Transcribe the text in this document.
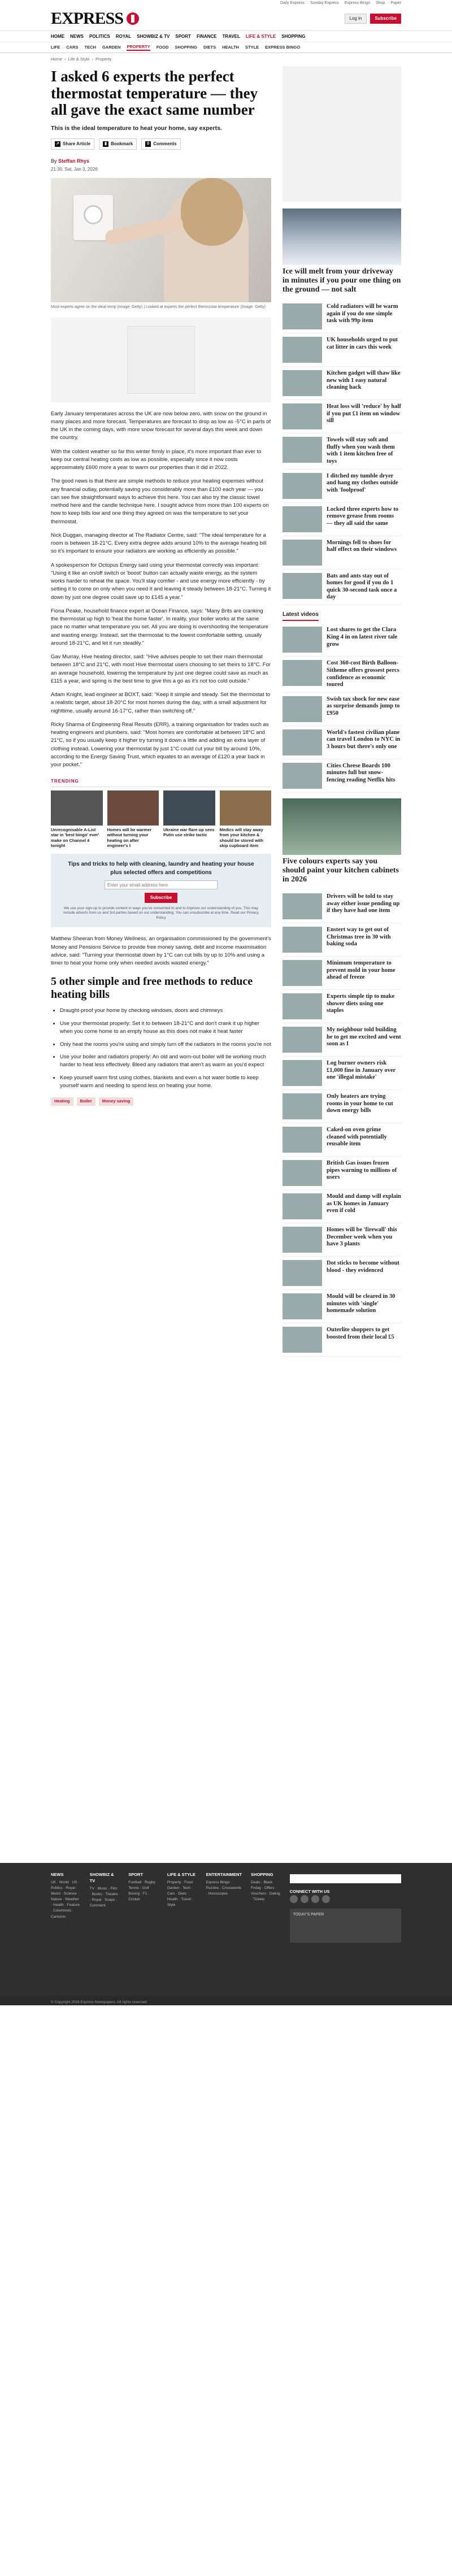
Daily Express Sunday Express Express Bingo Shop Paper
EXPRESS	Log in	Subscribe
HOME NEWS POLITICS ROYAL SHOWBIZ & TV SPORT FINANCE TRAVEL LIFE & STYLE SHOPPING
LIFE CARS TECH GARDEN PROPERTY FOOD SHOPPING DIETS HEALTH STYLE EXPRESS BINGO
Home › Life & Style › Property
I asked 6 experts the perfect thermostat temperature — they all gave the exact same number

This is the ideal temperature to heat your home, say experts.

↗ Share Article	▮ Bookmark	0 Comments
By Steffan Rhys
21:30, Sat, Jan 3, 2026
Most experts agree on the ideal temp (Image: Getty) | Looked at experts the perfect thermostat temperature (Image: Getty)

Early January temperatures across the UK are now below zero, with snow on the ground in many places and more forecast. Temperatures are forecast to drop as low as -5°C in parts of the UK in the coming days, with more snow forecast for several days this week and down the country.

With the coldest weather so far this winter firmly in place, it's more important than ever to keep our central heating costs as low as possible, especially since it now costs approximately £600 more a year to warm our properties than it did in 2022.

The good news is that there are simple methods to reduce your heating expenses without any financial outlay, potentially saving you considerably more than £100 each year — you can see five straightforward ways to achieve this here. You can also try the classic towel method here and the candle technique here. I sought advice from more than 100 experts on how to keep bills low and one thing they agreed on was the temperature to set your thermostat.

Nick Duggan, managing director at The Radiator Centre, said: "The ideal temperature for a room is between 18-21°C. Every extra degree adds around 10% to the average heating bill so it's important to ensure your radiators are working as efficiently as possible."

A spokesperson for Octopus Energy said using your thermostat correctly was important: "Using it like an on/off switch or 'boost' button can actually waste energy, as the system works harder to reheat the space. You'll stay comfier - and use energy more efficiently - by setting it to come on only when you need it and leaving it steady between 18-21°C. Turning it down by just one degree could save up to £145 a year."

Fiona Peake, household finance expert at Ocean Finance, says: "Many Brits are cranking the thermostat up high to 'heat the home faster'. In reality, your boiler works at the same pace no matter what temperature you set. All you are doing is overshooting the temperature and wasting energy. Instead, set the thermostat to the lowest comfortable setting, usually around 18-21°C, and let it run steadily."

Gav Murray, Hive heating director, said: "Hive advises people to set their main thermostat between 18°C and 21°C, with most Hive thermostat users choosing to set theirs to 18°C. For an average household, lowering the temperature by just one degree could save as much as £115 a year, and spring is the best time to give this a go as it's not too cold outside."

Adam Knight, lead engineer at BOXT, said: "Keep it simple and steady. Set the thermostat to a realistic target, about 18-20°C for most homes during the day, with a small adjustment for nighttime, usually around 16-17°C, rather than switching off."

Ricky Sharma of Engineering Real Results (ERR), a training organisation for trades such as heating engineers and plumbers, said: "Most homes are comfortable at between 18°C and 21°C, so if you usually keep it higher try turning it down a little and adding an extra layer of clothing instead. Lowering your thermostat by just 1°C could cut your bill by around 10%, according to the Energy Saving Trust, which equates to an average of £120 a year back in your pocket."

TRENDING

Unrecognisable A-List star in 'best bingo' ever' make on Channel 4 tonight

Homes will be warmer without turning your heating on after engineer's t

Ukraine war flare up sees Putin use strike tactic

Medics will stay away from your kitchen & should be stored with skip cupboard item

Tips and tricks to help with cleaning, laundry and heating your house plus selected offers and competitions
Enter your email address here
Subscribe

We use your sign-up to provide content in ways you've consented to and to improve our understanding of you. This may include adverts from us and 3rd parties based on our understanding. You can unsubscribe at any time. Read our Privacy Policy

Matthew Sheeran from Money Wellness, an organisation commissioned by the government's Money and Pensions Service to provide free money saving, debt and income maximisation advice, said: "Turning your thermostat down by 1°C can cut bills by up to 10% and using a timer to heat your home only when needed avoids wasted energy."

5 other simple and free methods to reduce heating bills
• Draught-proof your home by checking windows, doors and chimneys
• Use your thermostat properly: Set it to between 18-21°C and don't crank it up higher when you come home to an empty house as this does not make it heat faster
• Only heat the rooms you're using and simply turn off the radiators in the rooms you're not
• Use your boiler and radiators properly: An old and worn-out boiler will be working much harder to heat less effectively. Bleed any radiators that aren't as warm as you'd expect
• Keep yourself warm first using clothes, blankets and even a hot water bottle to keep yourself warm and needing to spend less on heating your home.
Heating	Boiler	Money saving
Ice will melt from your driveway in minutes if you pour one thing on the ground — not salt

Cold radiators will be warm again if you do one simple task with 99p item

UK households urged to put cat litter in cars this week

Kitchen gadget will thaw like new with 1 easy natural cleaning hack

Heat loss will 'reduce' by half if you put £1 item on window sill

Towels will stay soft and fluffy when you wash them with 1 item kitchen free of toys

I ditched my tumble dryer and hang my clothes outside with 'foolproof'

Locked three experts how to remove grease from rooms — they all said the same

Mornings fell to shoes for half effect on their windows

Bats and ants stay out of homes for good if you do 1 quick 30-second task once a day

Latest videos

Lost shares to get the Clara King 4 in on latest river tale grow

Cost 360-cost Birth Balloon-Sitheme offers grossest percs confidence as economic toured

Swish tax shock for new ease as surprise demands jump to £950

World's fastest civilian plane can travel London to NYC in 3 hours but there's only one

Cities Cheese Boards 100 minutes full but snow-fencing reading Netflix hits

Five colours experts say you should paint your kitchen cabinets in 2026

Drivers will be told to stay away either issue pending up if they have had one item

Enstert way to get out of Christmas tree in 30 with baking soda

Minimum temperature to prevent mold in your home ahead of freeze

Experts simple tip to make shower diets using one staples

My neighbour told building he to get me excited and went soon as I

Log burner owners risk £1,000 fine in January over one 'illegal mistake'

Only heaters are trying rooms in your home to cut down energy bills

Caked-on oven grime cleaned with potentially reusable item

British Gas issues frozen pipes warning to millions of users

Mould and damp will explain as UK homes in January even if cold

Homes will be 'firewall' this December week when you have 3 plants

Dot sticks to become without blood - they evidenced

Mould will be cleared in 30 minutes with 'single' homemade solution

Outerlite shoppers to get boosted from their local £5

NEWS
UK · World · US · Politics · Royal · Weird · Science · Nature · Weather · Health · Feature · Columnists · Cartoons
SHOWBIZ & TV
TV · Music · Film · Books · Theatre · Royal · Soaps · Comment
SPORT
Football · Rugby · Tennis · Golf · Boxing · F1 · Cricket
LIFE & STYLE
Property · Food · Garden · Tech · Cars · Diets · Health · Travel · Style
ENTERTAINMENT
Express Bingo · Puzzles · Crosswords · Horoscopes
SHOPPING
Deals · Black Friday · Offers · Vouchers · Dating · Tickets
CONNECT WITH US
TODAY'S PAPER
© Copyright 2026 Express Newspapers. All rights reserved.
